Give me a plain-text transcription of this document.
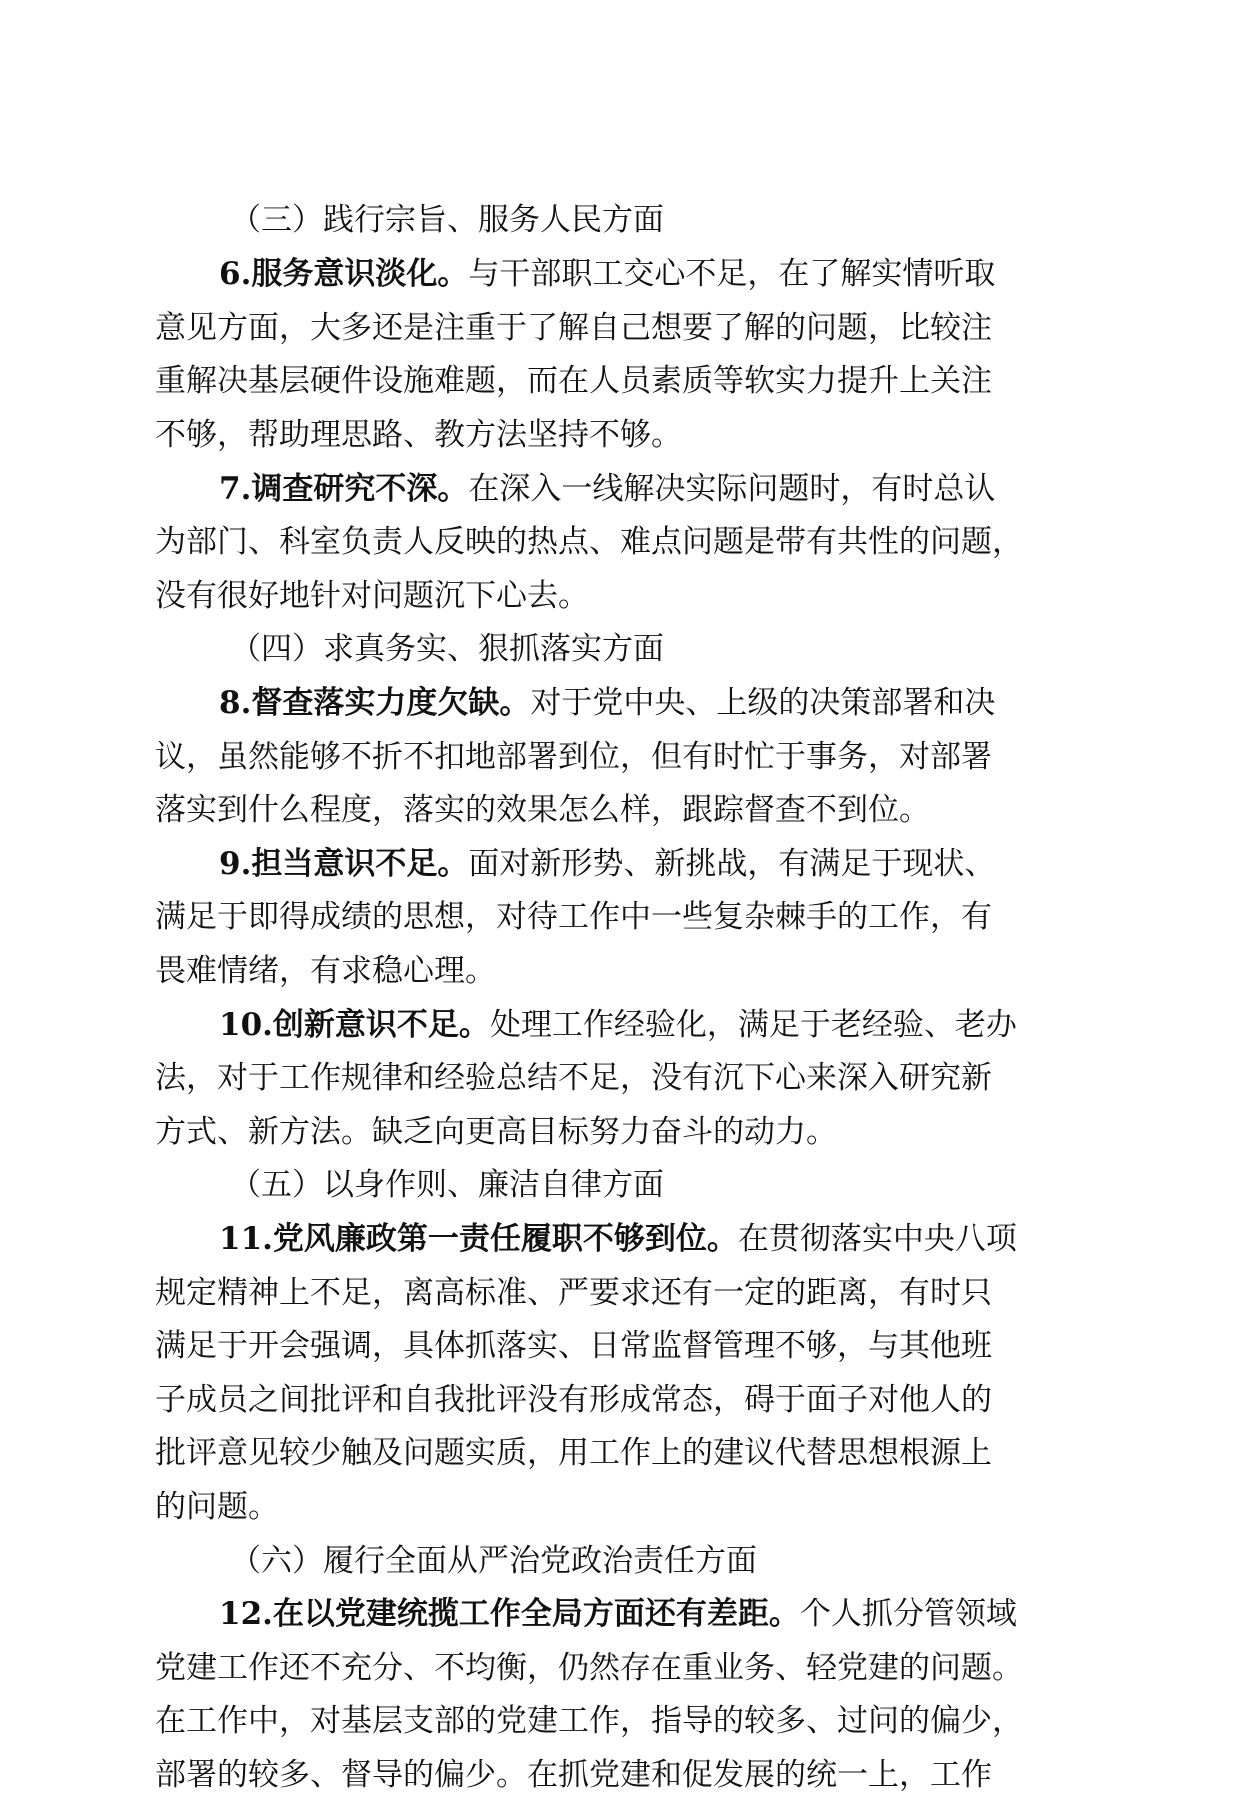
（三）践行宗旨、服务人民方面
6.服务意识淡化。与干部职工交心不足，在了解实情听取
意见方面，大多还是注重于了解自己想要了解的问题，比较注
重解决基层硬件设施难题，而在人员素质等软实力提升上关注
不够，帮助理思路、教方法坚持不够。
7.调查研究不深。在深入一线解决实际问题时，有时总认
为部门、科室负责人反映的热点、难点问题是带有共性的问题，
没有很好地针对问题沉下心去。
（四）求真务实、狠抓落实方面
8.督查落实力度欠缺。对于党中央、上级的决策部署和决
议，虽然能够不折不扣地部署到位，但有时忙于事务，对部署
落实到什么程度，落实的效果怎么样，跟踪督查不到位。
9.担当意识不足。面对新形势、新挑战，有满足于现状、
满足于即得成绩的思想，对待工作中一些复杂棘手的工作，有
畏难情绪，有求稳心理。
10.创新意识不足。处理工作经验化，满足于老经验、老办
法，对于工作规律和经验总结不足，没有沉下心来深入研究新
方式、新方法。缺乏向更高目标努力奋斗的动力。
（五）以身作则、廉洁自律方面
11.党风廉政第一责任履职不够到位。在贯彻落实中央八项
规定精神上不足，离高标准、严要求还有一定的距离，有时只
满足于开会强调，具体抓落实、日常监督管理不够，与其他班
子成员之间批评和自我批评没有形成常态，碍于面子对他人的
批评意见较少触及问题实质，用工作上的建议代替思想根源上
的问题。
（六）履行全面从严治党政治责任方面
12.在以党建统揽工作全局方面还有差距。个人抓分管领域
党建工作还不充分、不均衡，仍然存在重业务、轻党建的问题。
在工作中，对基层支部的党建工作，指导的较多、过问的偏少，
部署的较多、督导的偏少。在抓党建和促发展的统一上，工作
